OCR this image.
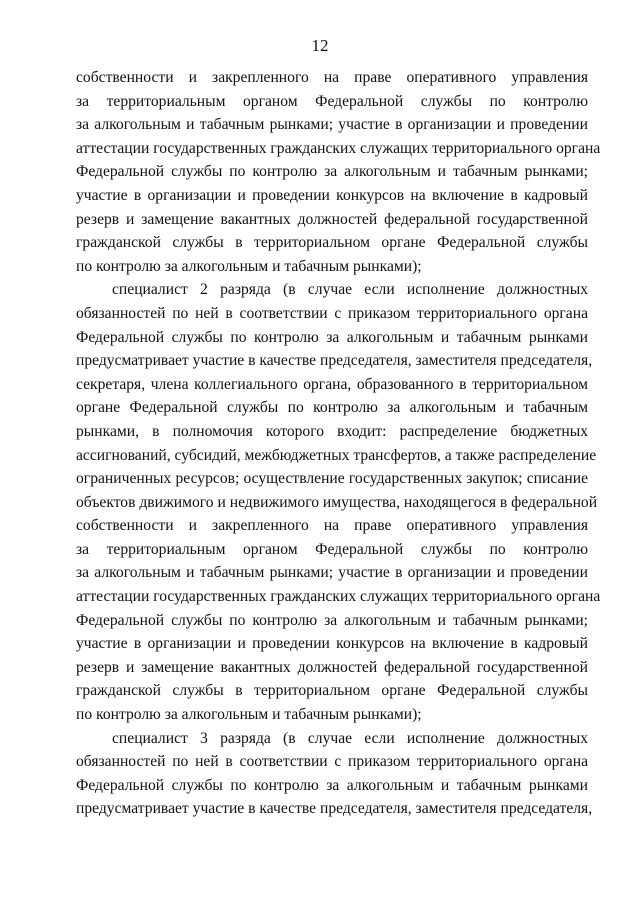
12
собственности и закрепленного на праве оперативного управления
за территориальным органом Федеральной службы по контролю
за алкогольным и табачным рынками; участие в организации и проведении
аттестации государственных гражданских служащих территориального органа
Федеральной службы по контролю за алкогольным и табачным рынками;
участие в организации и проведении конкурсов на включение в кадровый
резерв и замещение вакантных должностей федеральной государственной
гражданской службы в территориальном органе Федеральной службы
по контролю за алкогольным и табачным рынками);
специалист 2 разряда (в случае если исполнение должностных
обязанностей по ней в соответствии с приказом территориального органа
Федеральной службы по контролю за алкогольным и табачным рынками
предусматривает участие в качестве председателя, заместителя председателя,
секретаря, члена коллегиального органа, образованного в территориальном
органе Федеральной службы по контролю за алкогольным и табачным
рынками, в полномочия которого входит: распределение бюджетных
ассигнований, субсидий, межбюджетных трансфертов, а также распределение
ограниченных ресурсов; осуществление государственных закупок; списание
объектов движимого и недвижимого имущества, находящегося в федеральной
собственности и закрепленного на праве оперативного управления
за территориальным органом Федеральной службы по контролю
за алкогольным и табачным рынками; участие в организации и проведении
аттестации государственных гражданских служащих территориального органа
Федеральной службы по контролю за алкогольным и табачным рынками;
участие в организации и проведении конкурсов на включение в кадровый
резерв и замещение вакантных должностей федеральной государственной
гражданской службы в территориальном органе Федеральной службы
по контролю за алкогольным и табачным рынками);
специалист 3 разряда (в случае если исполнение должностных
обязанностей по ней в соответствии с приказом территориального органа
Федеральной службы по контролю за алкогольным и табачным рынками
предусматривает участие в качестве председателя, заместителя председателя,
